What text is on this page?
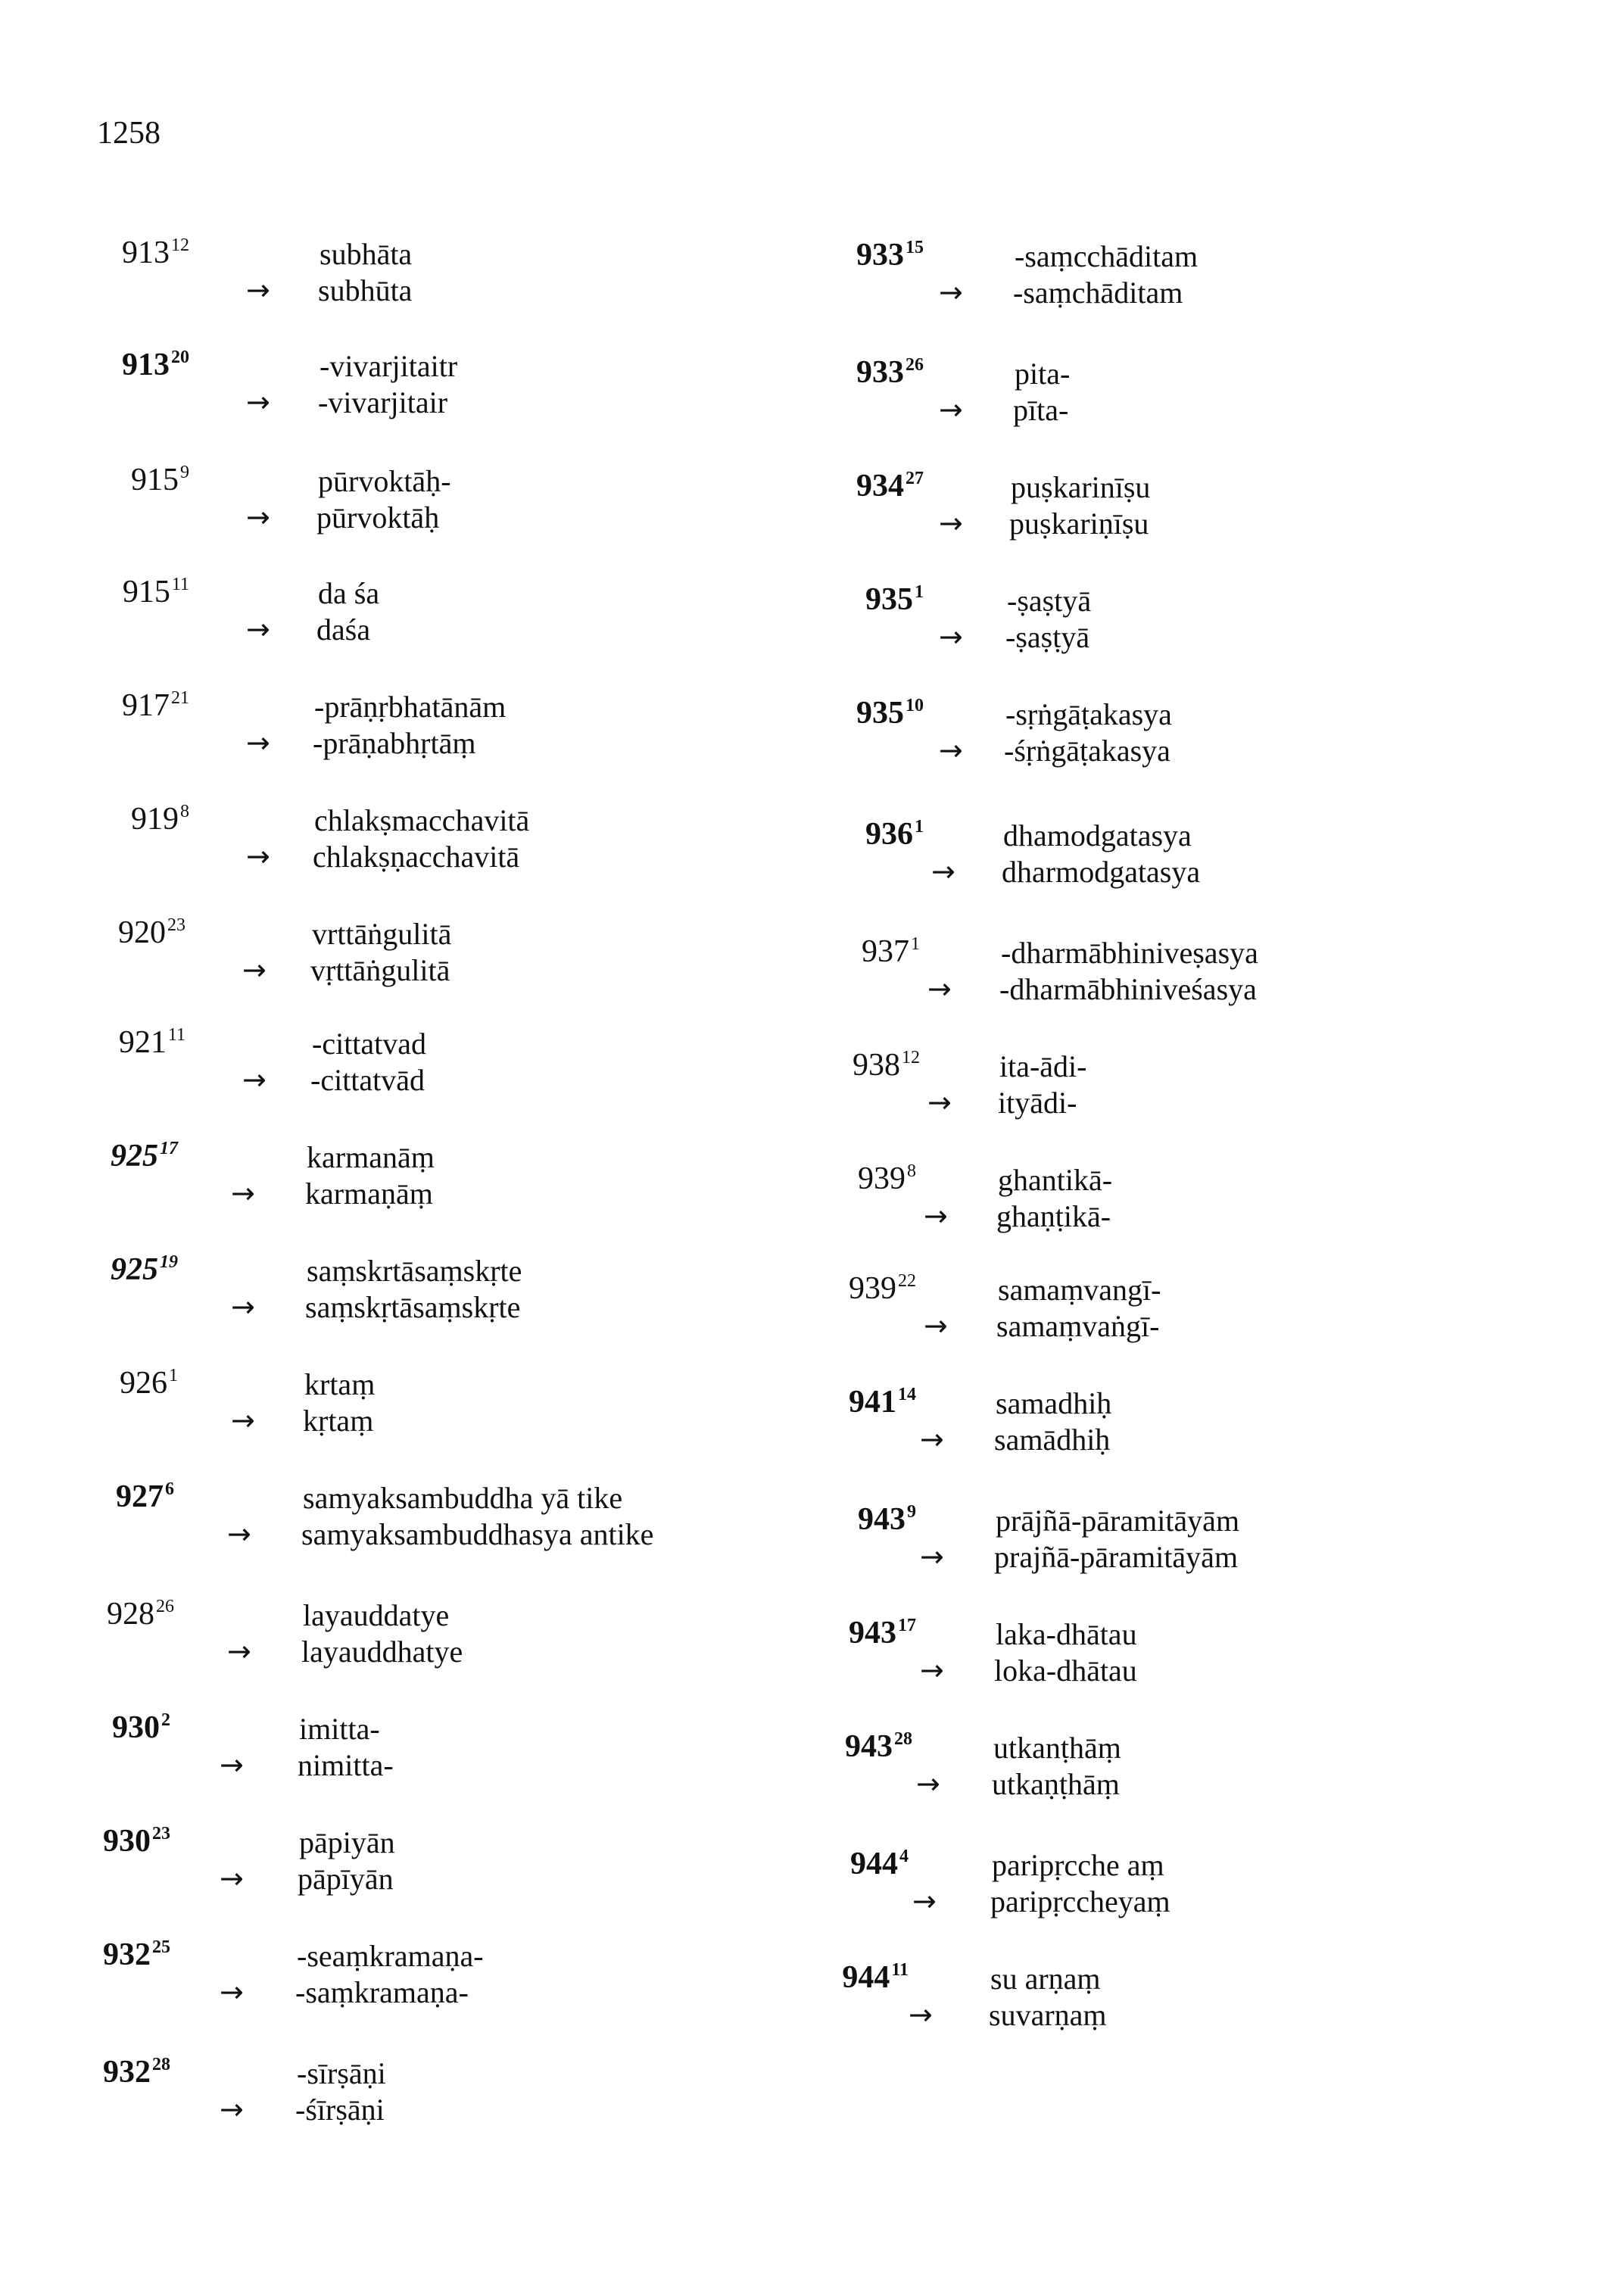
1258
$913^{12}$	subhāta
→ subhūta
$913^{20}$	-vivarjitaitr
→ -vivarjitair
$915^9$	pūrvoktāḥ-
→ pūrvoktāḥ
$915^{11}$	da śa
→ daśa
$917^{21}$	-prāṇṛbhatānām
→ -prāṇabhṛtāṃ
$919^8$	chlakṣmacchavitā
→ chlakṣṇacchavitā
$920^{23}$	vrttāṅgulitā
→ vṛttāṅgulitā
$921^{11}$	-cittatvad
→ -cittatvād
$925^{17}$	karmanāṃ
→ karmaṇāṃ
$925^{19}$	saṃskrtāsaṃskṛte
→ saṃskṛtāsaṃskṛte
$926^1$	krtaṃ
→ kṛtaṃ
$927^6$	samyaksambuddha yā tike
→ samyaksambuddhasya antike
$928^{26}$	layauddatye
→ layauddhatye
$930^2$	imitta-
→ nimitta-
$930^{23}$	pāpiyān
→ pāpīyān
$932^{25}$	-seaṃkramaṇa-
→ -saṃkramaṇa-
$932^{28}$	-sīrṣāṇi
→ -śīrṣāṇi
$933^{15}$	-saṃcchāditam
→ -saṃchāditam
$933^{26}$	pita-
→ pīta-
$934^{27}$	puṣkarinīṣu
→ puṣkariṇīṣu
$935^1$	-ṣaṣtyā
→ -ṣaṣṭyā
$935^{10}$	-sṛṅgāṭakasya
→ -śṛṅgāṭakasya
$936^1$	dhamodgatasya
→ dharmodgatasya
$937^1$	-dharmābhiniveṣasya
→ -dharmābhiniveśasya
$938^{12}$	ita-ādi-
→ ityādi-
$939^8$	ghantikā-
→ ghaṇṭikā-
$939^{22}$	samaṃvangī-
→ samaṃvaṅgī-
$941^{14}$	samadhiḥ
→ samādhiḥ
$943^9$	prājñā-pāramitāyām
→ prajñā-pāramitāyām
$943^{17}$	laka-dhātau
→ loka-dhātau
$943^{28}$	utkanṭhāṃ
→ utkaṇṭhāṃ
$944^4$	paripṛcche aṃ
→ paripṛccheyaṃ
$944^{11}$	su arṇaṃ
→ suvarṇaṃ
